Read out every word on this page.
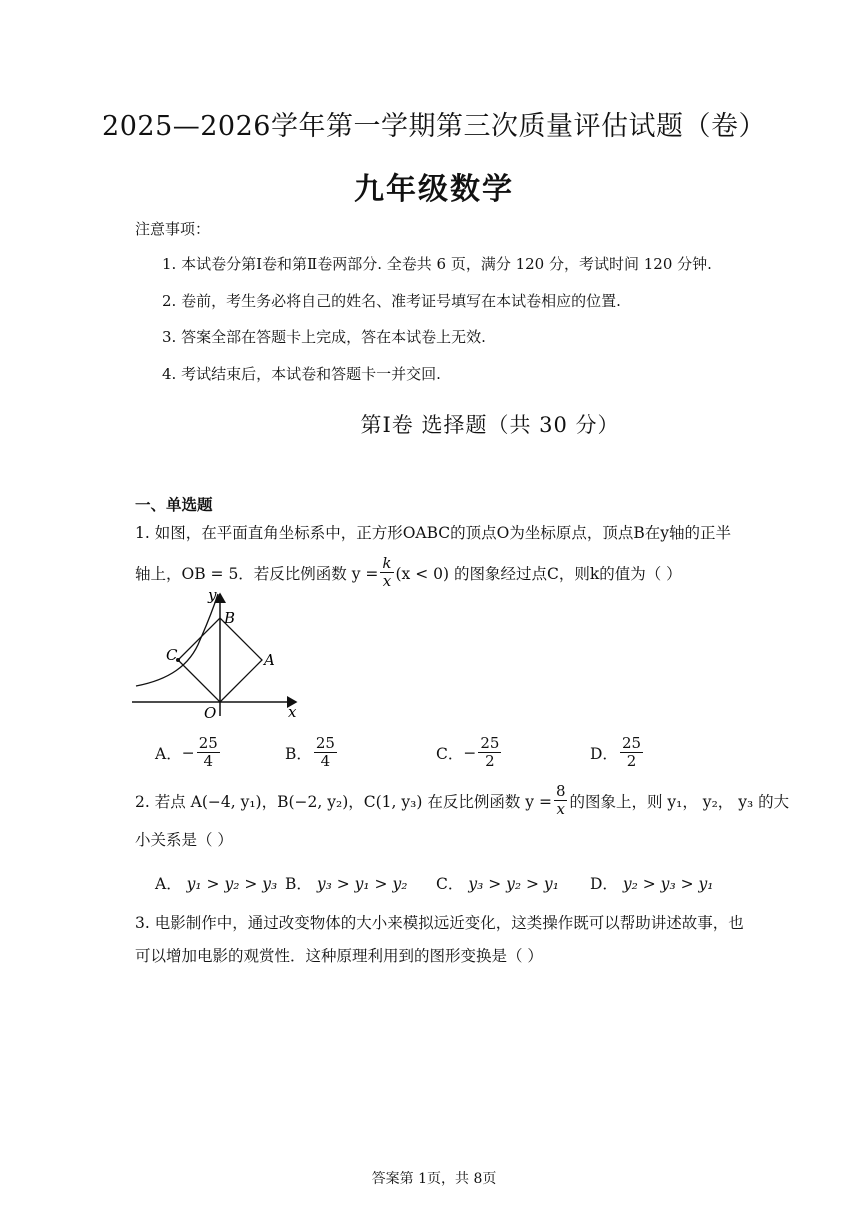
2025—2026学年第一学期第三次质量评估试题（卷）
九年级数学
注意事项：
1. 本试卷分第Ⅰ卷和第Ⅱ卷两部分. 全卷共 6 页，满分 120 分，考试时间 120 分钟.
2. 卷前，考生务必将自己的姓名、准考证号填写在本试卷相应的位置.
3. 答案全部在答题卡上完成，答在本试卷上无效.
4. 考试结束后，本试卷和答题卡一并交回.
第Ⅰ卷 选择题（共 30 分）
一、单选题
1. 如图，在平面直角坐标系中，正方形OABC的顶点O为坐标原点，顶点B在y轴的正半
轴上，OB = 5．若反比例函数 $y = \frac{k}{x} (x < 0)$ 的图象经过点C，则k的值为（ ）
y
x
B
C	A
O
A． − $\frac{25}{4}$	B． $\frac{25}{4}$	C． − $\frac{25}{2}$	D． $\frac{25}{2}$
2. 若点 A(−4, y₁)，B(−2, y₂)，C(1, y₃) 在反比例函数 $y = \frac{8}{x}$ 的图象上，则 y₁， y₂， y₃ 的大
小关系是（ ）
A． y₁ > y₂ > y₃ B． y₃ > y₁ > y₂ C． y₃ > y₂ > y₁ D． y₂ > y₃ > y₁
3. 电影制作中，通过改变物体的大小来模拟远近变化，这类操作既可以帮助讲述故事，也
可以增加电影的观赏性．这种原理利用到的图形变换是（ ）
答案第 1页，共 8页
